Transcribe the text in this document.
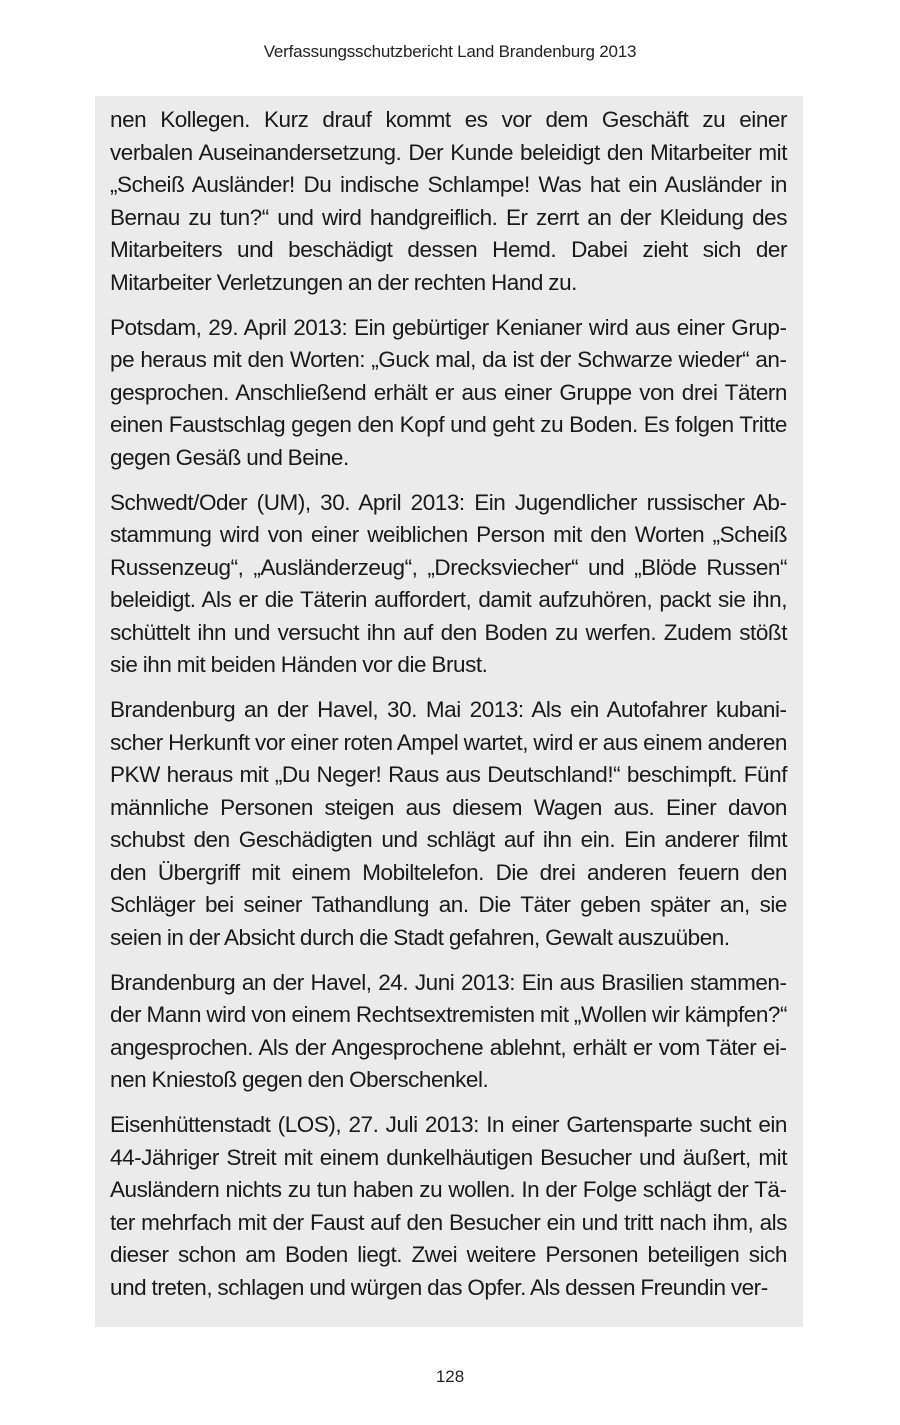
Verfassungsschutzbericht Land Brandenburg 2013

nen Kollegen. Kurz drauf kommt es vor dem Geschäft zu einer verbalen Auseinandersetzung. Der Kunde beleidigt den Mitarbeiter mit „Scheiß Ausländer! Du indische Schlampe! Was hat ein Ausländer in Bernau zu tun?“ und wird handgreiflich. Er zerrt an der Kleidung des Mitarbeiters und beschädigt dessen Hemd. Dabei zieht sich der Mitarbeiter Verletzungen an der rechten Hand zu.

Potsdam, 29. April 2013: Ein gebürtiger Kenianer wird aus einer Gruppe heraus mit den Worten: „Guck mal, da ist der Schwarze wieder“ angesprochen. Anschließend erhält er aus einer Gruppe von drei Tätern einen Faustschlag gegen den Kopf und geht zu Boden. Es folgen Tritte gegen Gesäß und Beine.

Schwedt/Oder (UM), 30. April 2013: Ein Jugendlicher russischer Abstammung wird von einer weiblichen Person mit den Worten „Scheiß Russenzeug“, „Ausländerzeug“, „Drecksviecher“ und „Blöde Russen“ beleidigt. Als er die Täterin auffordert, damit aufzuhören, packt sie ihn, schüttelt ihn und versucht ihn auf den Boden zu werfen. Zudem stößt sie ihn mit beiden Händen vor die Brust.

Brandenburg an der Havel, 30. Mai 2013: Als ein Autofahrer kubanischer Herkunft vor einer roten Ampel wartet, wird er aus einem anderen PKW heraus mit „Du Neger! Raus aus Deutschland!“ beschimpft. Fünf männliche Personen steigen aus diesem Wagen aus. Einer davon schubst den Geschädigten und schlägt auf ihn ein. Ein anderer filmt den Übergriff mit einem Mobiltelefon. Die drei anderen feuern den Schläger bei seiner Tathandlung an. Die Täter geben später an, sie seien in der Absicht durch die Stadt gefahren, Gewalt auszuüben.

Brandenburg an der Havel, 24. Juni 2013: Ein aus Brasilien stammender Mann wird von einem Rechtsextremisten mit „Wollen wir kämpfen?“ angesprochen. Als der Angesprochene ablehnt, erhält er vom Täter einen Kniestoß gegen den Oberschenkel.

Eisenhüttenstadt (LOS), 27. Juli 2013: In einer Gartensparte sucht ein 44-Jähriger Streit mit einem dunkelhäutigen Besucher und äußert, mit Ausländern nichts zu tun haben zu wollen. In der Folge schlägt der Täter mehrfach mit der Faust auf den Besucher ein und tritt nach ihm, als dieser schon am Boden liegt. Zwei weitere Personen beteiligen sich und treten, schlagen und würgen das Opfer. Als dessen Freundin ver-

128
